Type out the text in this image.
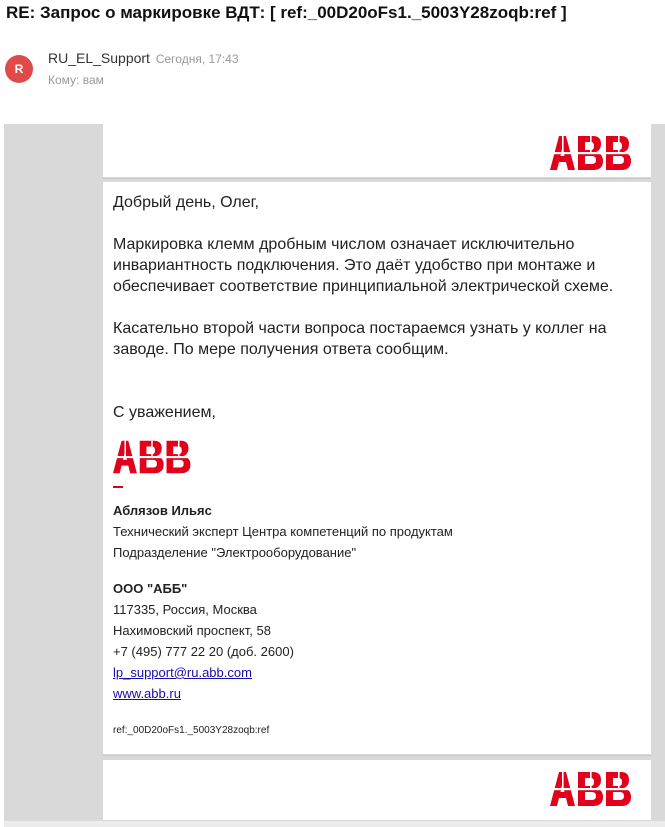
RE: Запрос о маркировке ВДТ: [ ref:_00D20oFs1._5003Y28zoqb:ref ]
R
RU_EL_Support Сегодня, 17:43
Кому: вам
Добрый день, Олег,
Маркировка клемм дробным числом означает исключительно инвариантность подключения. Это даёт удобство при монтаже и обеспечивает соответствие принципиальной электрической схеме.
Касательно второй части вопроса постараемся узнать у коллег на заводе. По мере получения ответа сообщим.
С уважением,
Аблязов Ильяс
Технический эксперт Центра компетенций по продуктам
Подразделение "Электрооборудование"
ООО "АББ"
117335, Россия, Москва
Нахимовский проспект, 58
+7 (495) 777 22 20 (доб. 2600)
lp_support@ru.abb.com
www.abb.ru
ref:_00D20oFs1._5003Y28zoqb:ref
